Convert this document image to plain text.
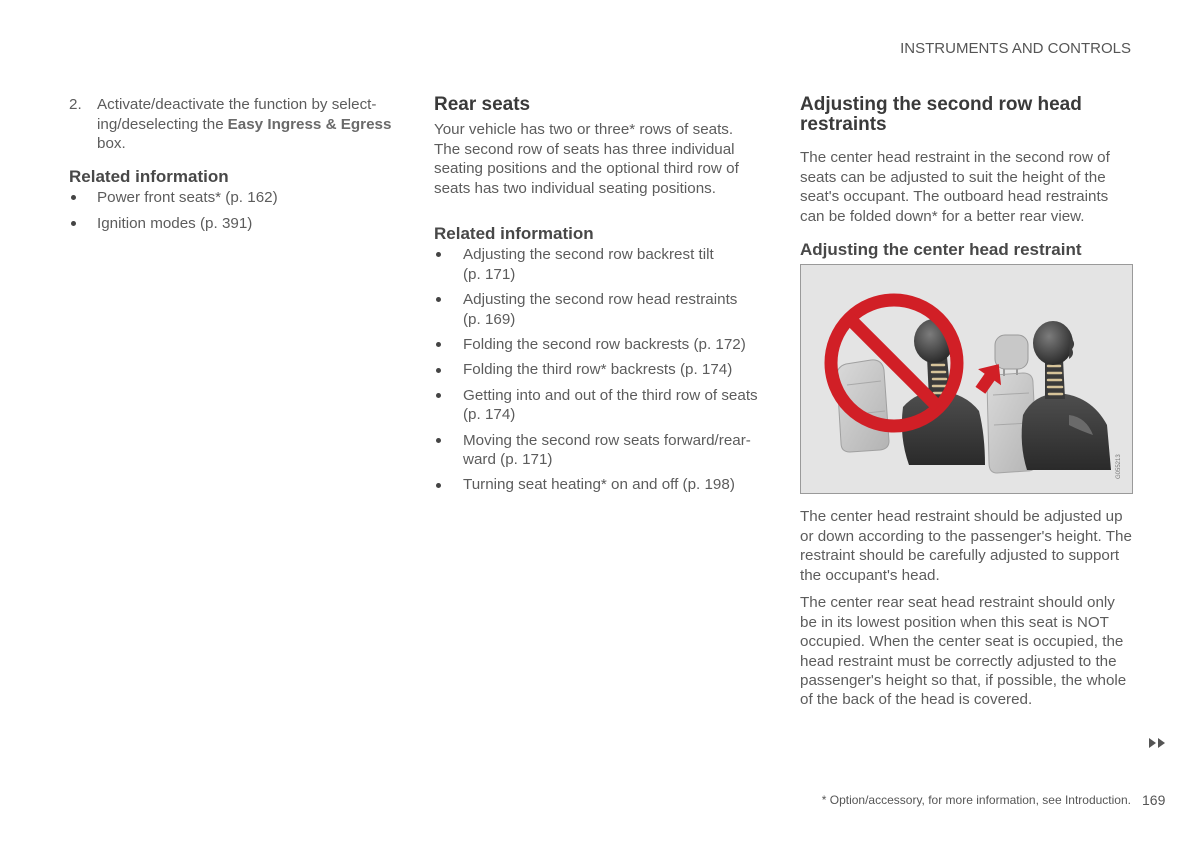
INSTRUMENTS AND CONTROLS
2. Activate/deactivate the function by select-
ing/deselecting the Easy Ingress & Egress
box.
Related information
Power front seats* (p. 162)
Ignition modes (p. 391)
Rear seats
Your vehicle has two or three* rows of seats.
The second row of seats has three individual
seating positions and the optional third row of
seats has two individual seating positions.
Related information
Adjusting the second row backrest tilt
(p. 171)
Adjusting the second row head restraints
(p. 169)
Folding the second row backrests (p. 172)
Folding the third row* backrests (p. 174)
Getting into and out of the third row of seats
(p. 174)
Moving the second row seats forward/rear-
ward (p. 171)
Turning seat heating* on and off (p. 198)
Adjusting the second row head
restraints
The center head restraint in the second row of
seats can be adjusted to suit the height of the
seat's occupant. The outboard head restraints
can be folded down* for a better rear view.
Adjusting the center head restraint
G055213
The center head restraint should be adjusted up
or down according to the passenger's height. The
restraint should be carefully adjusted to support
the occupant's head.
The center rear seat head restraint should only
be in its lowest position when this seat is NOT
occupied. When the center seat is occupied, the
head restraint must be correctly adjusted to the
passenger's height so that, if possible, the whole
of the back of the head is covered.
* Option/accessory, for more information, see Introduction. 169
